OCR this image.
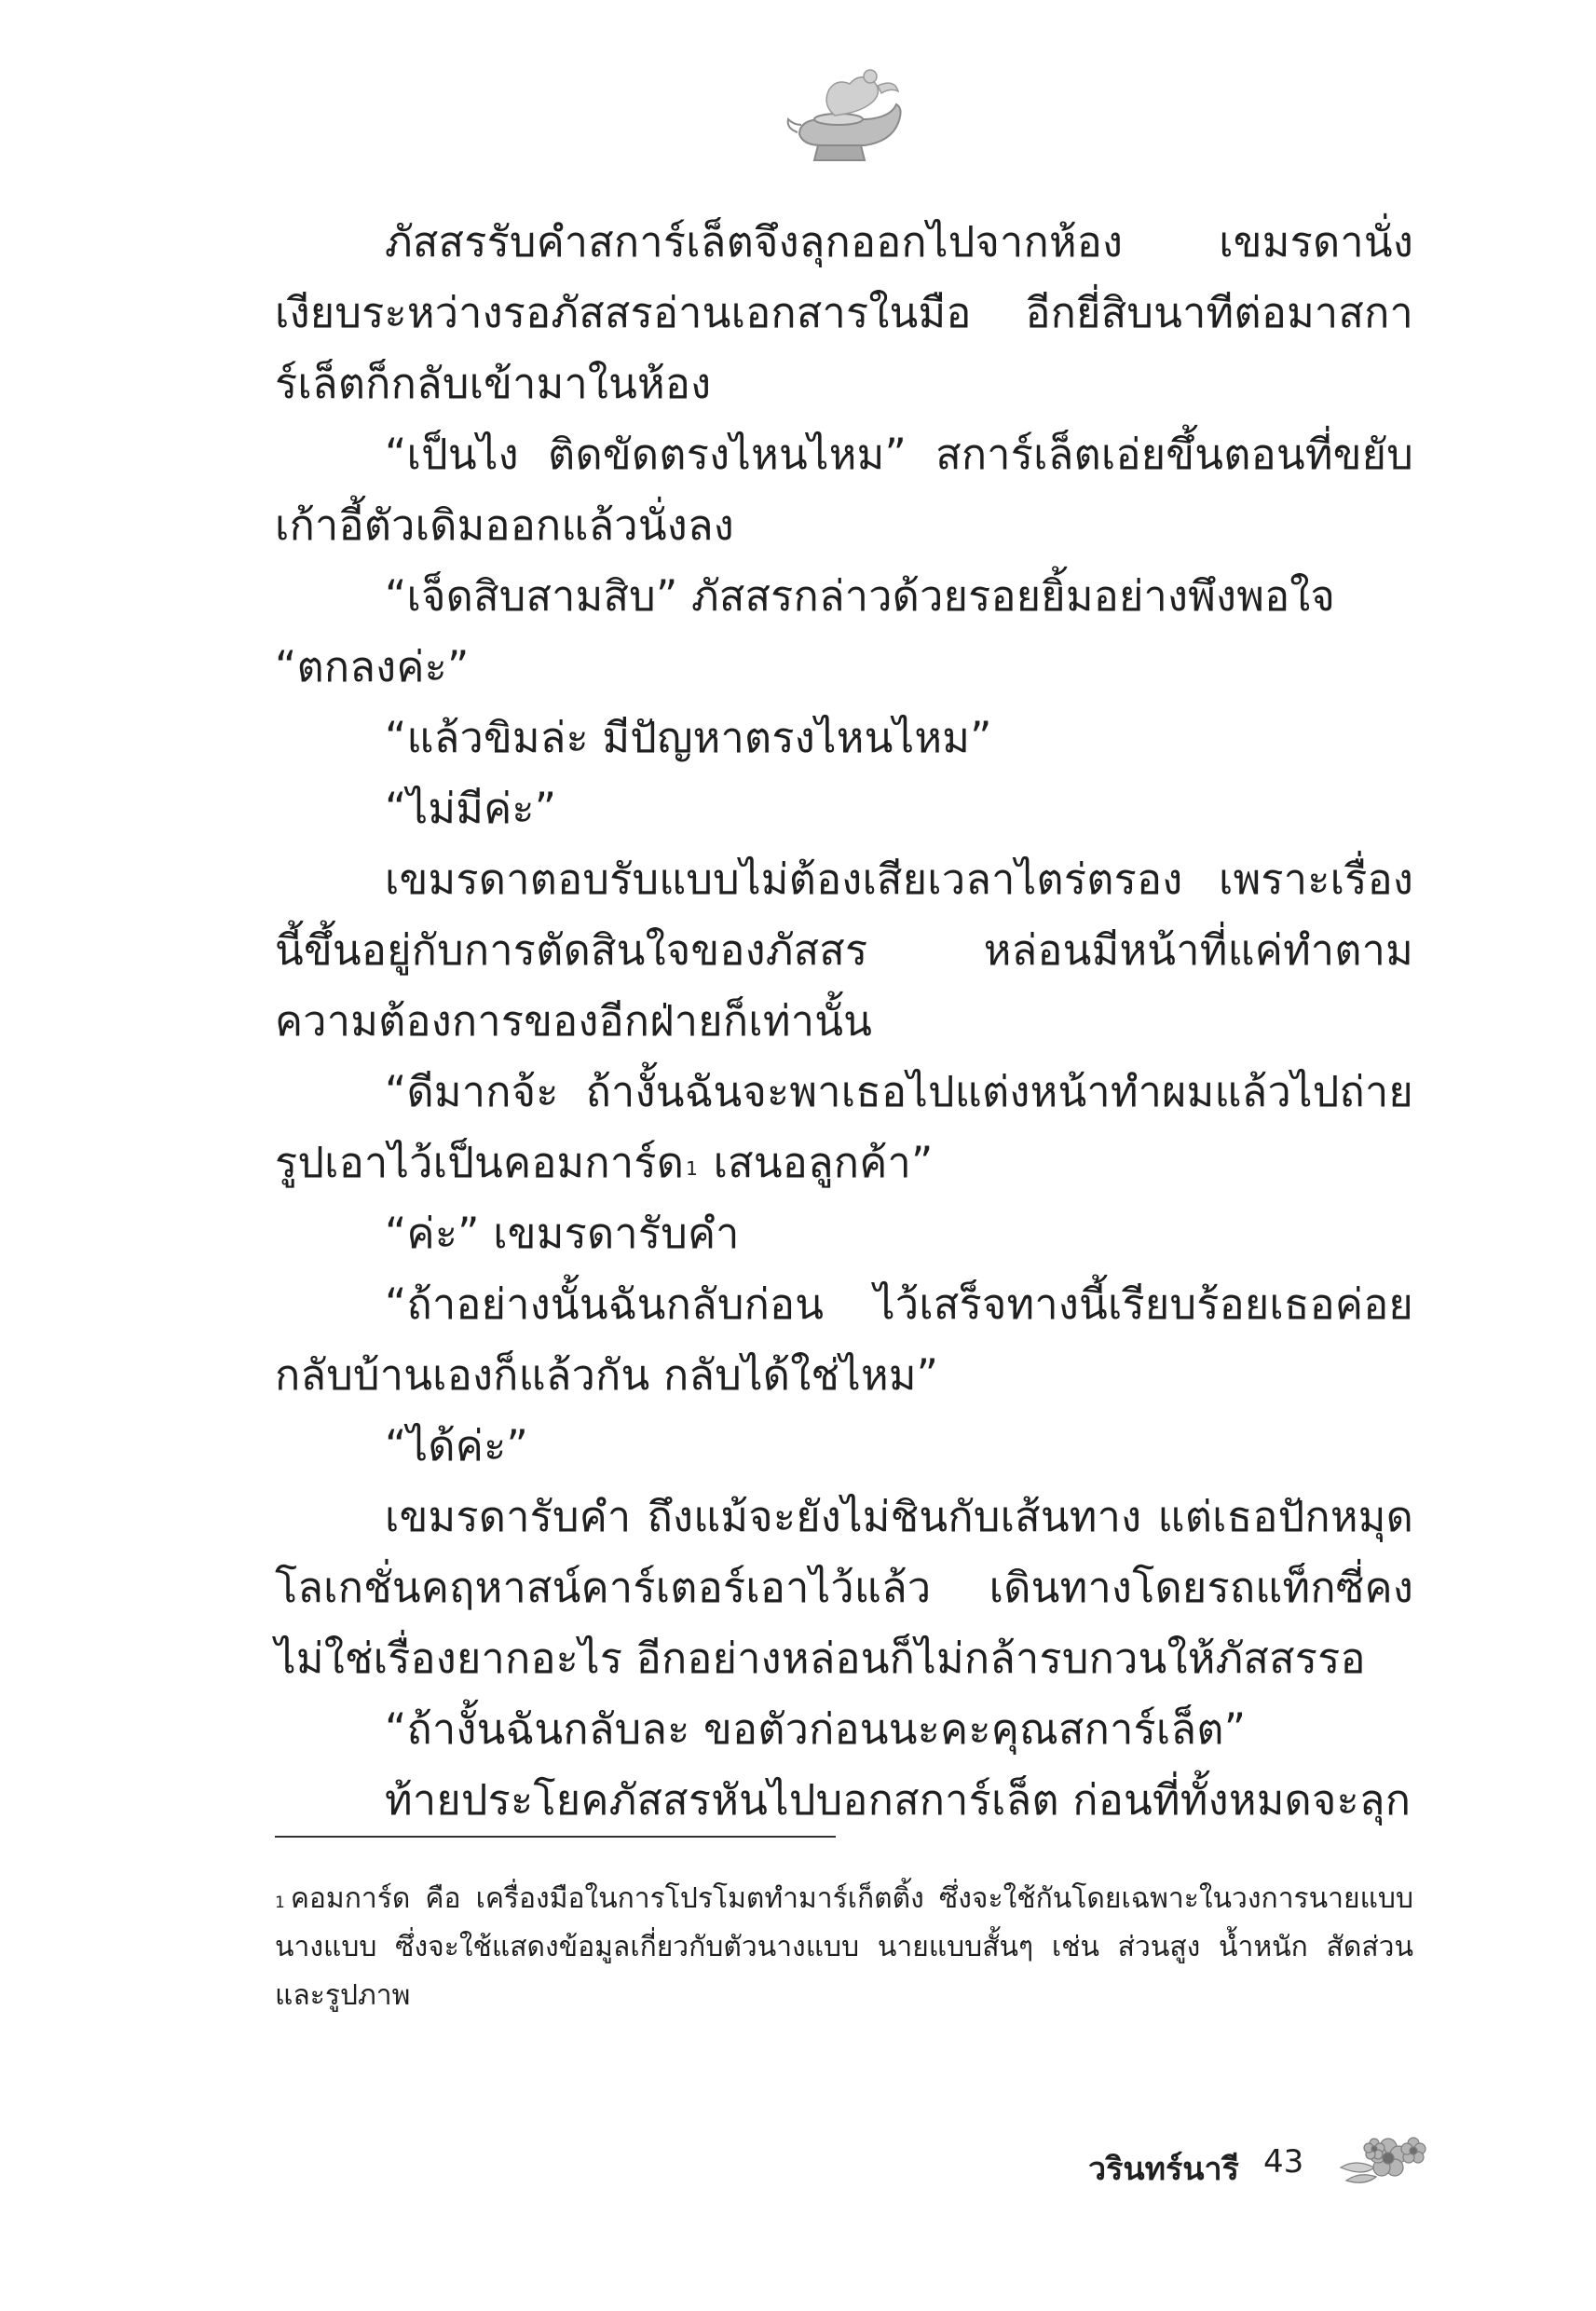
ภัสสรรับคำสการ์เล็ตจึงลุกออกไปจากห้อง เขมรดานั่งเงียบระหว่างรอภัสสรอ่านเอกสารในมือ อีกยี่สิบนาทีต่อมาสการ์เล็ตก็กลับเข้ามาในห้อง

“เป็นไง ติดขัดตรงไหนไหม” สการ์เล็ตเอ่ยขึ้นตอนที่ขยับเก้าอี้ตัวเดิมออกแล้วนั่งลง

“เจ็ดสิบสามสิบ” ภัสสรกล่าวด้วยรอยยิ้มอย่างพึงพอใจ

“ตกลงค่ะ”

“แล้วขิมล่ะ มีปัญหาตรงไหนไหม”

“ไม่มีค่ะ”

เขมรดาตอบรับแบบไม่ต้องเสียเวลาไตร่ตรอง เพราะเรื่องนี้ขึ้นอยู่กับการตัดสินใจของภัสสร หล่อนมีหน้าที่แค่ทำตามความต้องการของอีกฝ่ายก็เท่านั้น

“ดีมากจ้ะ ถ้างั้นฉันจะพาเธอไปแต่งหน้าทำผมแล้วไปถ่ายรูปเอาไว้เป็นคอมการ์ด $^1$ เสนอลูกค้า”

“ค่ะ” เขมรดารับคำ

“ถ้าอย่างนั้นฉันกลับก่อน ไว้เสร็จทางนี้เรียบร้อยเธอค่อยกลับบ้านเองก็แล้วกัน กลับได้ใช่ไหม”

“ได้ค่ะ”

เขมรดารับคำ ถึงแม้จะยังไม่ชินกับเส้นทาง แต่เธอปักหมุดโลเกชั่นคฤหาสน์คาร์เตอร์เอาไว้แล้ว เดินทางโดยรถแท็กซี่คงไม่ใช่เรื่องยากอะไร อีกอย่างหล่อนก็ไม่กล้ารบกวนให้ภัสสรรอ

“ถ้างั้นฉันกลับละ ขอตัวก่อนนะคะคุณสการ์เล็ต”

ท้ายประโยคภัสสรหันไปบอกสการ์เล็ต ก่อนที่ทั้งหมดจะลุก

$^1$ คอมการ์ด คือ เครื่องมือในการโปรโมตทำมาร์เก็ตติ้ง ซึ่งจะใช้กันโดยเฉพาะในวงการนายแบบนางแบบ ซึ่งจะใช้แสดงข้อมูลเกี่ยวกับตัวนางแบบ นายแบบสั้นๆ เช่น ส่วนสูง น้ำหนัก สัดส่วน และรูปภาพ

วรินทร์นารี 43
